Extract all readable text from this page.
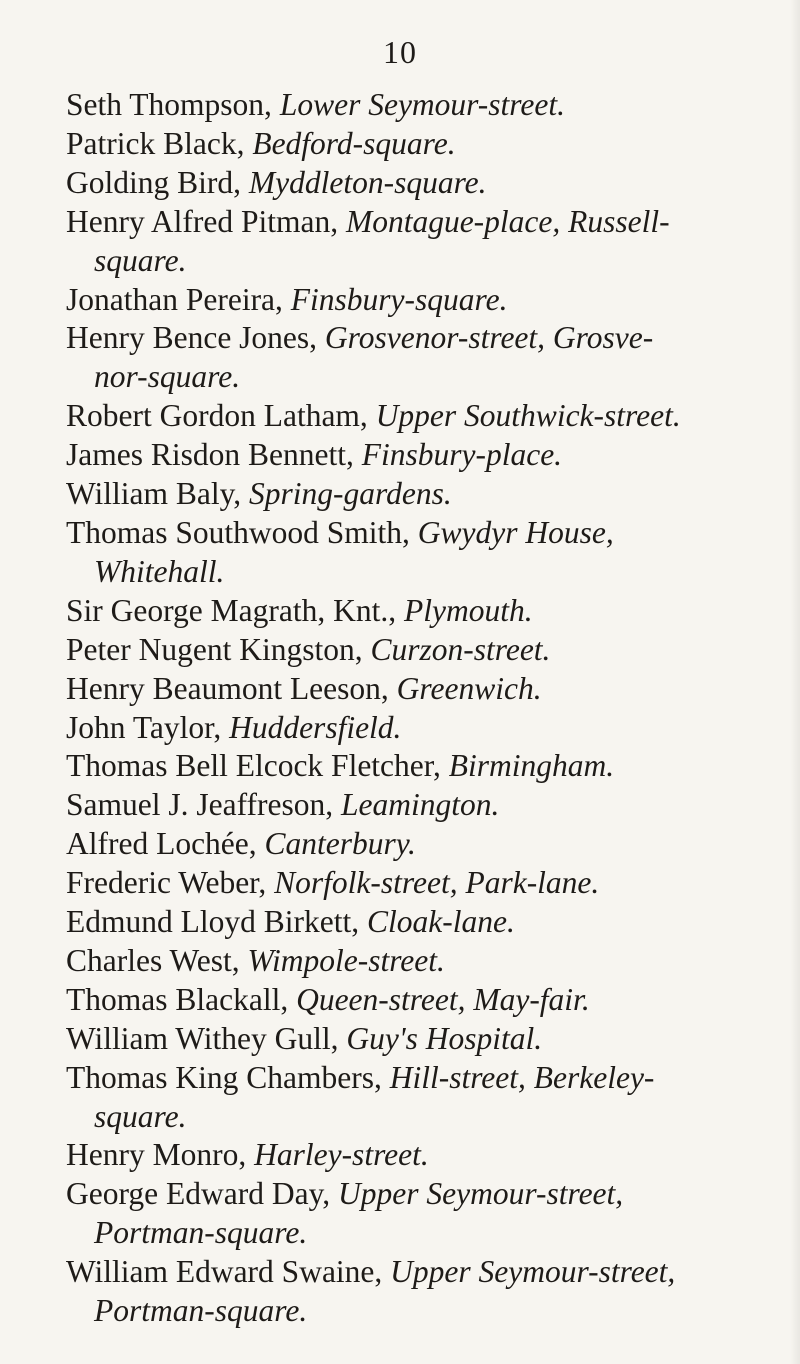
10
Seth Thompson, Lower Seymour-street.
Patrick Black, Bedford-square.
Golding Bird, Myddleton-square.
Henry Alfred Pitman, Montague-place, Russell-
square.
Jonathan Pereira, Finsbury-square.
Henry Bence Jones, Grosvenor-street, Grosve-
nor-square.
Robert Gordon Latham, Upper Southwick-street.
James Risdon Bennett, Finsbury-place.
William Baly, Spring-gardens.
Thomas Southwood Smith, Gwydyr House,
Whitehall.
Sir George Magrath, Knt., Plymouth.
Peter Nugent Kingston, Curzon-street.
Henry Beaumont Leeson, Greenwich.
John Taylor, Huddersfield.
Thomas Bell Elcock Fletcher, Birmingham.
Samuel J. Jeaffreson, Leamington.
Alfred Lochée, Canterbury.
Frederic Weber, Norfolk-street, Park-lane.
Edmund Lloyd Birkett, Cloak-lane.
Charles West, Wimpole-street.
Thomas Blackall, Queen-street, May-fair.
William Withey Gull, Guy's Hospital.
Thomas King Chambers, Hill-street, Berkeley-
square.
Henry Monro, Harley-street.
George Edward Day, Upper Seymour-street,
Portman-square.
William Edward Swaine, Upper Seymour-street,
Portman-square.
